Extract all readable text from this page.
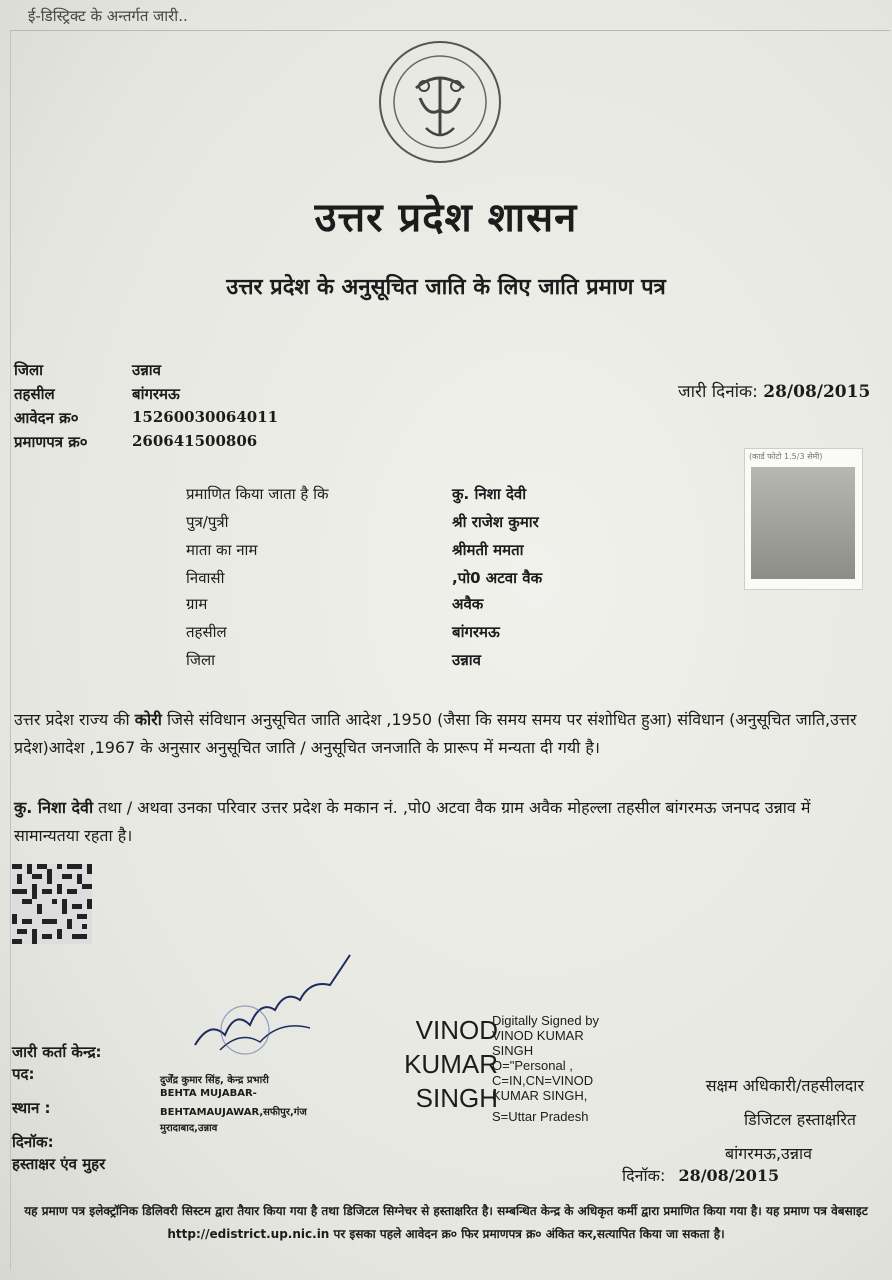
ई-डिस्ट्रिक्ट के अन्तर्गत जारी..
उत्तर प्रदेश शासन
उत्तर प्रदेश के अनुसूचित जाति के लिए जाति प्रमाण पत्र
जिला	उन्नाव
तहसील	बांगरमऊ
आवेदन क्र०	152600300640​11
प्रमाणपत्र क्र०	260641500806
जारी दिनांक: 28/08/2015
(कार्ड फोटो 1.5/3 सेमी)
प्रमाणित किया जाता है कि	कु. निशा देवी
पुत्र/पुत्री	श्री राजेश कुमार
माता का नाम	श्रीमती ममता
निवासी	,पो0 अटवा वैक
ग्राम	अवैक
तहसील	बांगरमऊ
जिला	उन्नाव
उत्तर प्रदेश राज्य की कोरी जिसे संविधान अनुसूचित जाति आदेश ,1950 (जैसा कि समय समय पर संशोधित हुआ) संविधान (अनुसूचित जाति,उत्तर प्रदेश)आदेश ,1967 के अनुसार अनुसूचित जाति / अनुसूचित जनजाति के प्रारूप में मन्यता दी गयी है।
कु. निशा देवी तथा / अथवा उनका परिवार उत्तर प्रदेश के मकान नं. ,पो0 अटवा वैक ग्राम अवैक मोहल्ला तहसील बांगरमऊ जनपद उन्नाव में सामान्यतया रहता है।
जारी कर्ता केन्द्र:
पद:
स्थान :
दिनॉक:
हस्ताक्षर एंव मुहर
दुर्जेंद्र कुमार सिंह, केन्द्र प्रभारी
BEHTA MUJABAR-
BEHTAMAUJAWAR,सफीपुर,गंज
मुरादाबाद,उन्नाव
VINOD KUMAR SINGH
Digitally Signed by
VINOD KUMAR
SINGH
O="Personal ,
C=IN,CN=VINOD
KUMAR SINGH,
S=Uttar Pradesh
सक्षम अधिकारी/तहसीलदार
डिजिटल हस्ताक्षरित
बांगरमऊ,उन्नाव
दिनॉक: 28/08/2015
यह प्रमाण पत्र इलेक्ट्रॉनिक डिलिवरी सिस्टम द्वारा तैयार किया गया है तथा डिजिटल सिग्नेचर से हस्ताक्षरित है। सम्बन्धित केन्द्र के अधिकृत कर्मी द्वारा प्रमाणित किया गया है। यह प्रमाण पत्र वेबसाइट http://edistrict.up.nic.in पर इसका पहले आवेदन क्र० फिर प्रमाणपत्र क्र० अंकित कर,सत्यापित किया जा सकता है।
